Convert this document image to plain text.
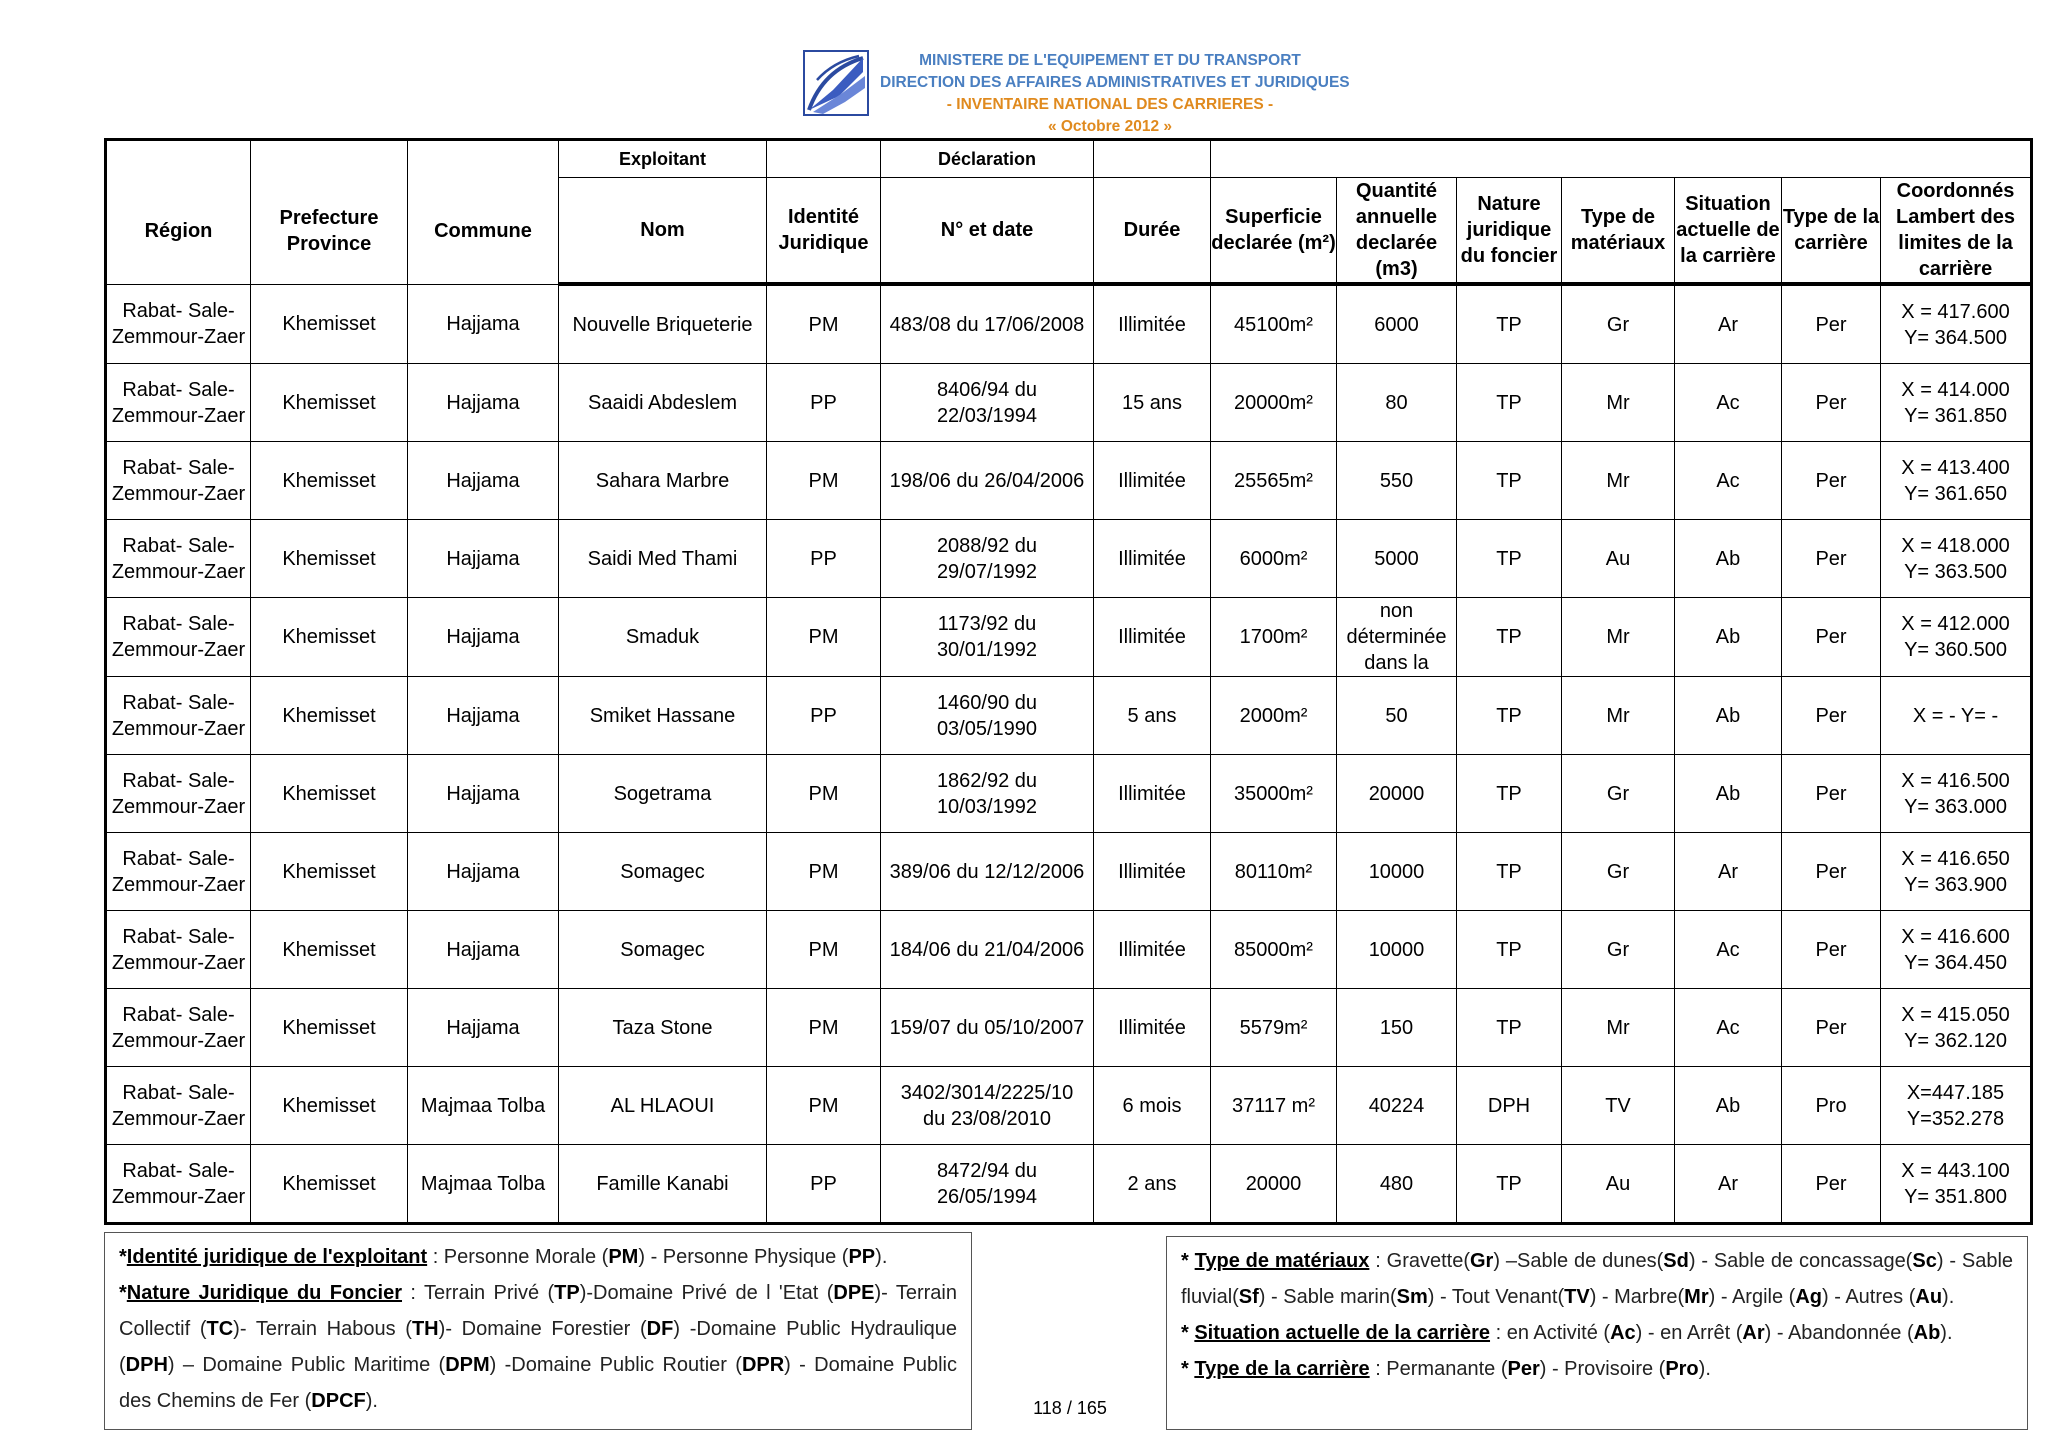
MINISTERE DE L'EQUIPEMENT ET DU TRANSPORT
DIRECTION DES AFFAIRES ADMINISTRATIVES ET JURIDIQUES
- INVENTAIRE NATIONAL DES CARRIERES -
« Octobre 2012 »
			Exploitant		Déclaration								
Région	Prefecture Province	Commune	Nom	Identité Juridique	N° et date	Durée	Superficie declarée (m²)	Quantité annuelle declarée (m3)	Nature juridique du foncier	Type de matériaux	Situation actuelle de la carrière	Type de la carrière	Coordonnés Lambert des limites de la carrière
Rabat- Sale-
Zemmour-Zaer	Khemisset	Hajjama	Nouvelle Briqueterie	PM	483/08 du 17/06/2008	Illimitée	45100m²	6000	TP	Gr	Ar	Per	X = 417.600
Y= 364.500
Rabat- Sale-
Zemmour-Zaer	Khemisset	Hajjama	Saaidi Abdeslem	PP	8406/94 du
22/03/1994	15 ans	20000m²	80	TP	Mr	Ac	Per	X = 414.000
Y= 361.850
Rabat- Sale-
Zemmour-Zaer	Khemisset	Hajjama	Sahara Marbre	PM	198/06 du 26/04/2006	Illimitée	25565m²	550	TP	Mr	Ac	Per	X = 413.400
Y= 361.650
Rabat- Sale-
Zemmour-Zaer	Khemisset	Hajjama	Saidi Med Thami	PP	2088/92 du
29/07/1992	Illimitée	6000m²	5000	TP	Au	Ab	Per	X = 418.000
Y= 363.500
Rabat- Sale-
Zemmour-Zaer	Khemisset	Hajjama	Smaduk	PM	1173/92 du
30/01/1992	Illimitée	1700m²	non
déterminée
dans la	TP	Mr	Ab	Per	X = 412.000
Y= 360.500
Rabat- Sale-
Zemmour-Zaer	Khemisset	Hajjama	Smiket Hassane	PP	1460/90 du
03/05/1990	5 ans	2000m²	50	TP	Mr	Ab	Per	X = - Y= -
Rabat- Sale-
Zemmour-Zaer	Khemisset	Hajjama	Sogetrama	PM	1862/92 du
10/03/1992	Illimitée	35000m²	20000	TP	Gr	Ab	Per	X = 416.500
Y= 363.000
Rabat- Sale-
Zemmour-Zaer	Khemisset	Hajjama	Somagec	PM	389/06 du 12/12/2006	Illimitée	80110m²	10000	TP	Gr	Ar	Per	X = 416.650
Y= 363.900
Rabat- Sale-
Zemmour-Zaer	Khemisset	Hajjama	Somagec	PM	184/06 du 21/04/2006	Illimitée	85000m²	10000	TP	Gr	Ac	Per	X = 416.600
Y= 364.450
Rabat- Sale-
Zemmour-Zaer	Khemisset	Hajjama	Taza Stone	PM	159/07 du 05/10/2007	Illimitée	5579m²	150	TP	Mr	Ac	Per	X = 415.050
Y= 362.120
Rabat- Sale-
Zemmour-Zaer	Khemisset	Majmaa Tolba	AL HLAOUI	PM	3402/3014/2225/10
du 23/08/2010	6 mois	37117 m²	40224	DPH	TV	Ab	Pro	X=447.185
Y=352.278
Rabat- Sale-
Zemmour-Zaer	Khemisset	Majmaa Tolba	Famille Kanabi	PP	8472/94 du
26/05/1994	2 ans	20000	480	TP	Au	Ar	Per	X = 443.100
Y= 351.800

*Identité juridique de l'exploitant : Personne Morale (PM) - Personne Physique (PP).

*Nature Juridique du Foncier : Terrain Privé (TP)-Domaine Privé de l 'Etat (DPE)- Terrain Collectif (TC)- Terrain Habous (TH)- Domaine Forestier (DF) -Domaine Public Hydraulique (DPH) – Domaine Public Maritime (DPM) -Domaine Public Routier (DPR) - Domaine Public des Chemins de Fer (DPCF).

* Type de matériaux : Gravette(Gr) –Sable de dunes(Sd) - Sable de concassage(Sc) - Sable fluvial(Sf) - Sable marin(Sm) - Tout Venant(TV) - Marbre(Mr) - Argile (Ag) - Autres (Au).

* Situation actuelle de la carrière : en Activité (Ac) - en Arrêt (Ar) - Abandonnée (Ab).

* Type de la carrière : Permanante (Per) - Provisoire (Pro).

118 / 165
